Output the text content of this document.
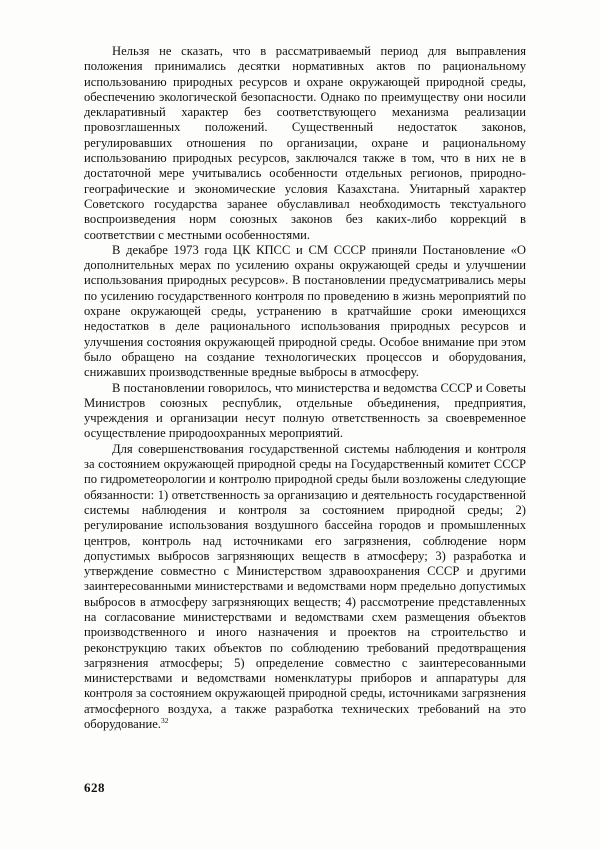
Нельзя не сказать, что в рассматриваемый период для выправления положения принимались десятки нормативных актов по рациональному использованию природных ресурсов и охране окружающей природной среды, обеспечению экологической безопасности. Однако по преимуществу они носили декларативный характер без соответствующего механизма реализации провозглашенных положений. Существенный недостаток законов, регулировавших отношения по организации, охране и рациональному использованию природных ресурсов, заключался также в том, что в них не в достаточной мере учитывались особенности отдельных регионов, природно-географические и экономические условия Казахстана. Унитарный характер Советского государства заранее обуславливал необходимость текстуального воспроизведения норм союзных законов без каких-либо коррекций в соответствии с местными особенностями.

В декабре 1973 года ЦК КПСС и СМ СССР приняли Постановление «О дополнительных мерах по усилению охраны окружающей среды и улучшении использования природных ресурсов». В постановлении предусматривались меры по усилению государственного контроля по проведению в жизнь мероприятий по охране окружающей среды, устранению в кратчайшие сроки имеющихся недостатков в деле рационального использования природных ресурсов и улучшения состояния окружающей природной среды. Особое внимание при этом было обращено на создание технологических процессов и оборудования, снижавших производственные вредные выбросы в атмосферу.

В постановлении говорилось, что министерства и ведомства СССР и Советы Министров союзных республик, отдельные объединения, предприятия, учреждения и организации несут полную ответственность за своевременное осуществление природоохранных мероприятий.

Для совершенствования государственной системы наблюдения и контроля за состоянием окружающей природной среды на Государственный комитет СССР по гидрометеорологии и контролю природной среды были возложены следующие обязанности: 1) ответственность за организацию и деятельность государственной системы наблюдения и контроля за состоянием природной среды; 2) регулирование использования воздушного бассейна городов и промышленных центров, контроль над источниками его загрязнения, соблюдение норм допустимых выбросов загрязняющих веществ в атмосферу; 3) разработка и утверждение совместно с Министерством здравоохранения СССР и другими заинтересованными министерствами и ведомствами норм предельно допустимых выбросов в атмосферу загрязняющих веществ; 4) рассмотрение представленных на согласование министерствами и ведомствами схем размещения объектов производственного и иного назначения и проектов на строительство и реконструкцию таких объектов по соблюдению требований предотвращения загрязнения атмосферы; 5) определение совместно с заинтересованными министерствами и ведомствами номенклатуры приборов и аппаратуры для контроля за состоянием окружающей природной среды, источниками загрязнения атмосферного воздуха, а также разработка технических требований на это оборудование.$^{32}$

628
